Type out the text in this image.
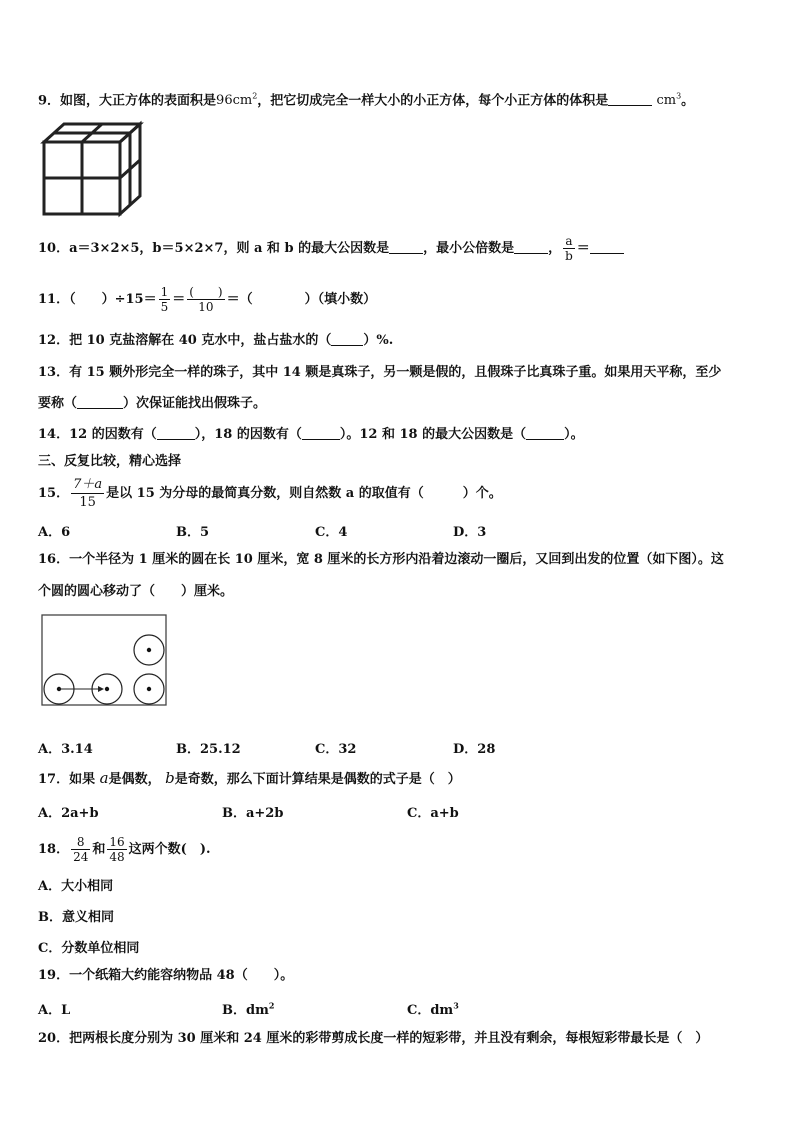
9．如图，大正方体的表面积是$96cm^2$，把它切成完全一样大小的小正方体，每个小正方体的体积是	$cm^3$。
10．a＝3×2×5，b＝5×2×7，则 a 和 b 的最大公因数是	，最小公倍数是	， $\frac{a}{b}$ ＝
11．（　　）$\div 15= \frac{1}{5} = \frac{( )}{10}$ ＝（　　　　）（填小数）
12．把 10 克盐溶解在 40 克水中，盐占盐水的（ ）%.
13．有 15 颗外形完全一样的珠子，其中 14 颗是真珠子，另一颗是假的，且假珠子比真珠子重。如果用天平称，至少
要称（	）次保证能找出假珠子。
14．12 的因数有（	），18 的因数有（	）。12 和 18 的最大公因数是（	）。
三、反复比较，精心选择
15． $\frac{7+a}{15}$ 是以 15 为分母的最简真分数，则自然数 a 的取值有（　　　）个。
A．6	B．5	C．4	D．3
16．一个半径为 1 厘米的圆在长 10 厘米，宽 8 厘米的长方形内沿着边滚动一圈后，又回到出发的位置（如下图）。这
个圆的圆心移动了（　　）厘米。
A．3.14	B．25.12	C．32	D．28
17．如果 a是偶数， b是奇数，那么下面计算结果是偶数的式子是（　）
A．2a+b	B．a+2b	C．a+b
18． $\frac{8}{24}$ 和 $\frac{16}{48}$ 这两个数(　).
A．大小相同
B．意义相同
C．分数单位相同
19．一个纸箱大约能容纳物品 48（　　）。
A．L	B．$dm^2$	C．$dm^3$
20．把两根长度分别为 30 厘米和 24 厘米的彩带剪成长度一样的短彩带，并且没有剩余，每根短彩带最长是（　）
